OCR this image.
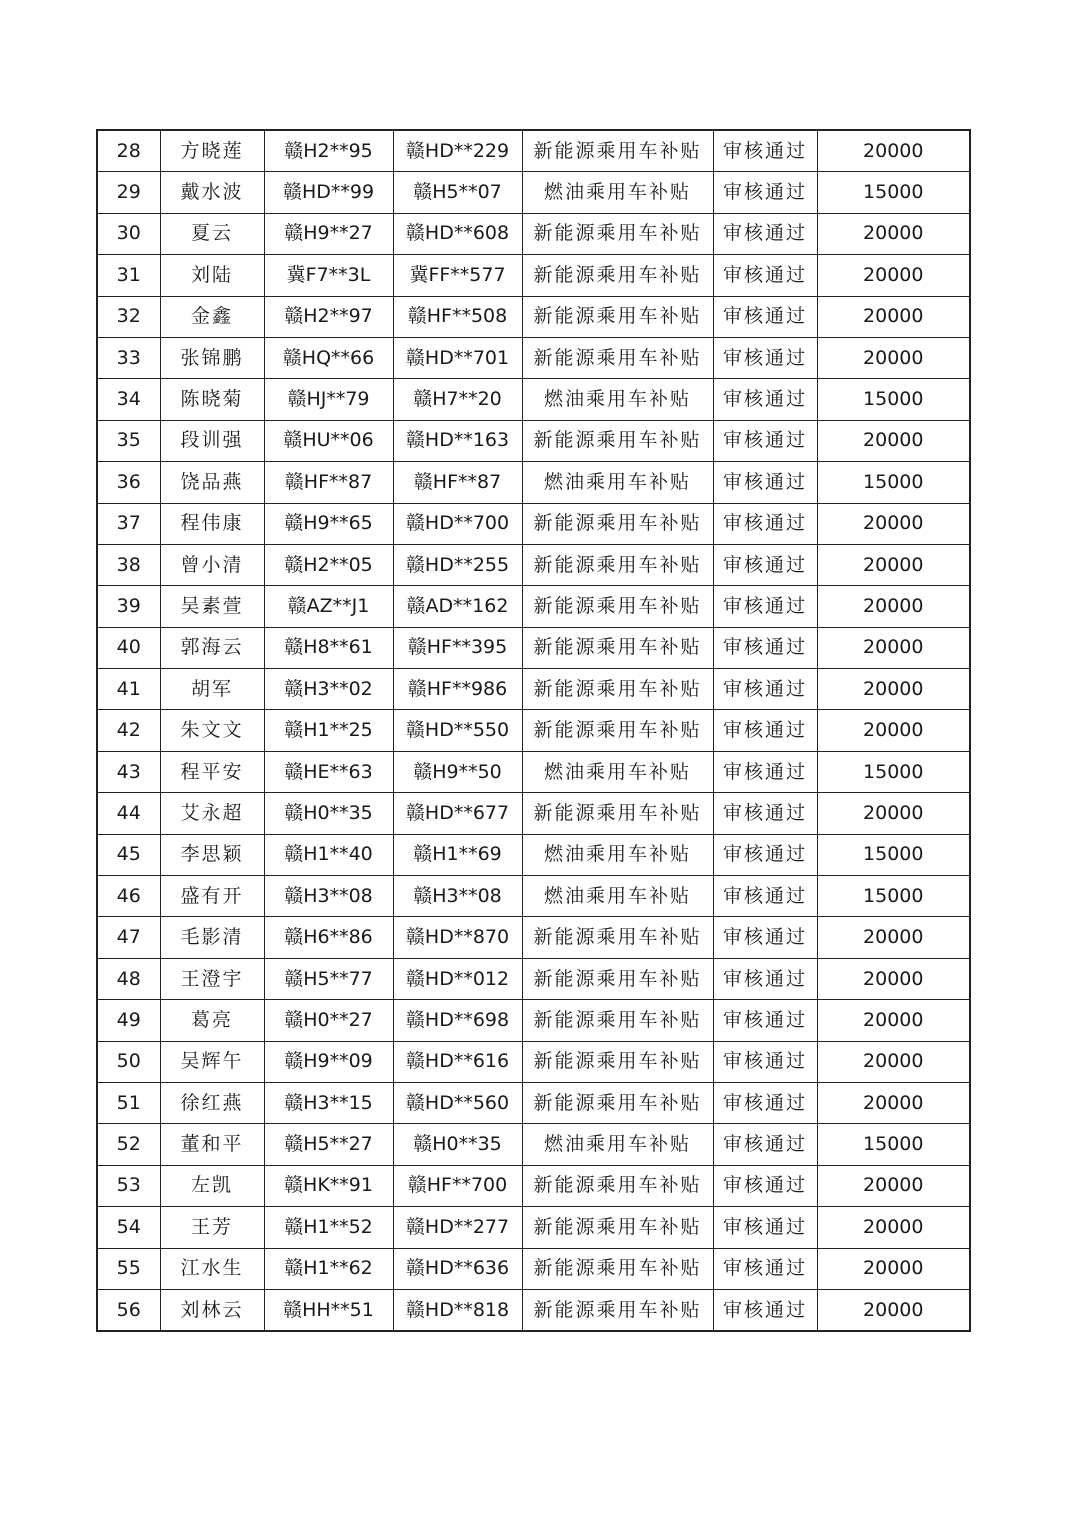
28	方晓莲	赣H2**95	赣HD**229	新能源乘用车补贴	审核通过	20000
29	戴水波	赣HD**99	赣H5**07	燃油乘用车补贴	审核通过	15000
30	夏云	赣H9**27	赣HD**608	新能源乘用车补贴	审核通过	20000
31	刘陆	冀F7**3L	冀FF**577	新能源乘用车补贴	审核通过	20000
32	金鑫	赣H2**97	赣HF**508	新能源乘用车补贴	审核通过	20000
33	张锦鹏	赣HQ**66	赣HD**701	新能源乘用车补贴	审核通过	20000
34	陈晓菊	赣HJ**79	赣H7**20	燃油乘用车补贴	审核通过	15000
35	段训强	赣HU**06	赣HD**163	新能源乘用车补贴	审核通过	20000
36	饶品燕	赣HF**87	赣HF**87	燃油乘用车补贴	审核通过	15000
37	程伟康	赣H9**65	赣HD**700	新能源乘用车补贴	审核通过	20000
38	曾小清	赣H2**05	赣HD**255	新能源乘用车补贴	审核通过	20000
39	吴素萱	赣AZ**J1	赣AD**162	新能源乘用车补贴	审核通过	20000
40	郭海云	赣H8**61	赣HF**395	新能源乘用车补贴	审核通过	20000
41	胡军	赣H3**02	赣HF**986	新能源乘用车补贴	审核通过	20000
42	朱文文	赣H1**25	赣HD**550	新能源乘用车补贴	审核通过	20000
43	程平安	赣HE**63	赣H9**50	燃油乘用车补贴	审核通过	15000
44	艾永超	赣H0**35	赣HD**677	新能源乘用车补贴	审核通过	20000
45	李思颖	赣H1**40	赣H1**69	燃油乘用车补贴	审核通过	15000
46	盛有开	赣H3**08	赣H3**08	燃油乘用车补贴	审核通过	15000
47	毛影清	赣H6**86	赣HD**870	新能源乘用车补贴	审核通过	20000
48	王澄宇	赣H5**77	赣HD**012	新能源乘用车补贴	审核通过	20000
49	葛亮	赣H0**27	赣HD**698	新能源乘用车补贴	审核通过	20000
50	吴辉午	赣H9**09	赣HD**616	新能源乘用车补贴	审核通过	20000
51	徐红燕	赣H3**15	赣HD**560	新能源乘用车补贴	审核通过	20000
52	董和平	赣H5**27	赣H0**35	燃油乘用车补贴	审核通过	15000
53	左凯	赣HK**91	赣HF**700	新能源乘用车补贴	审核通过	20000
54	王芳	赣H1**52	赣HD**277	新能源乘用车补贴	审核通过	20000
55	江水生	赣H1**62	赣HD**636	新能源乘用车补贴	审核通过	20000
56	刘林云	赣HH**51	赣HD**818	新能源乘用车补贴	审核通过	20000
